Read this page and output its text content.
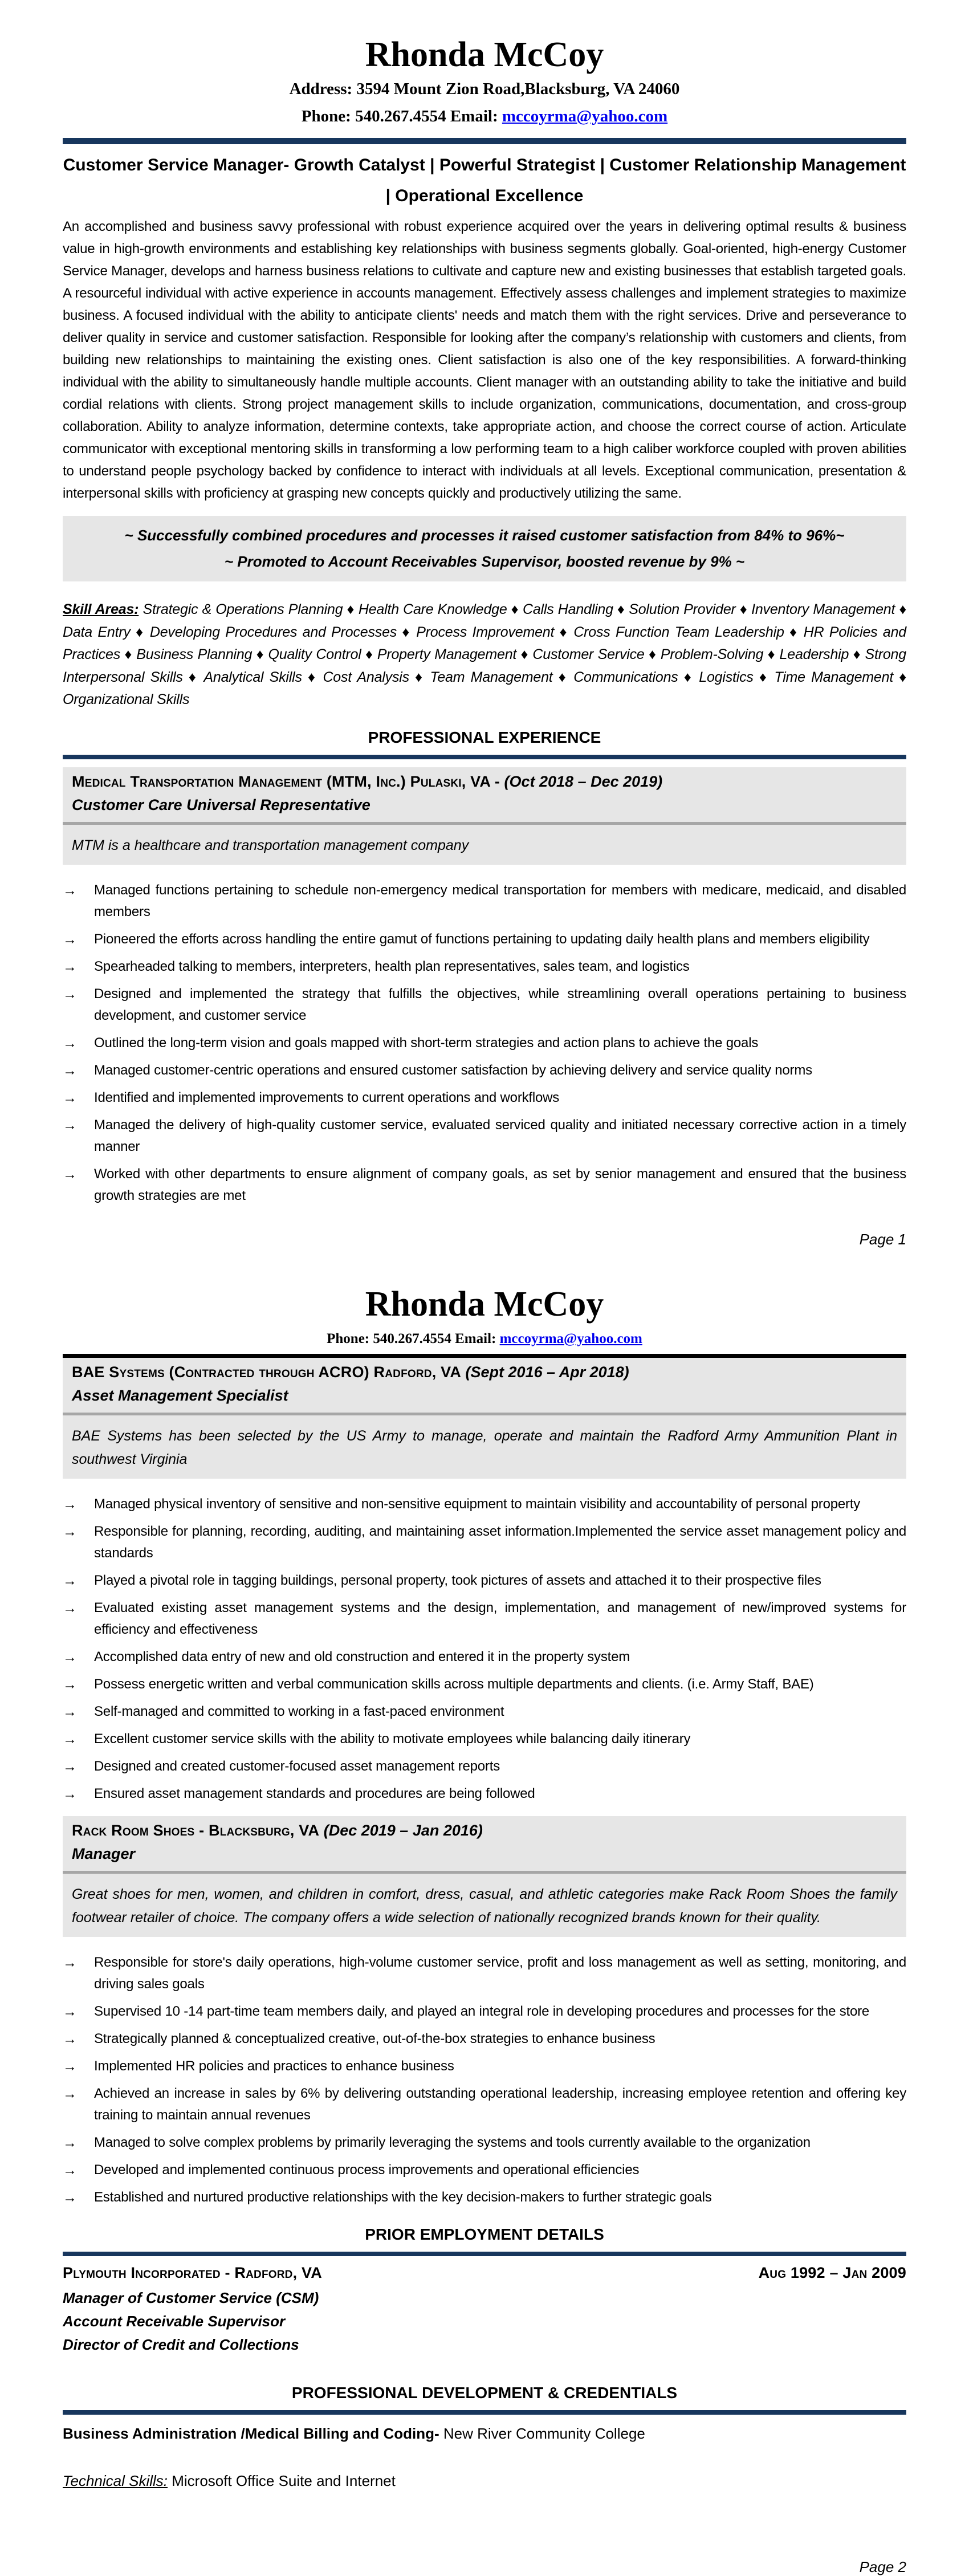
Rhonda McCoy
Address: 3594 Mount Zion Road,Blacksburg, VA 24060
Phone: 540.267.4554 Email: mccoyrma@yahoo.com
Customer Service Manager- Growth Catalyst | Powerful Strategist | Customer Relationship Management | Operational Excellence
An accomplished and business savvy professional with robust experience acquired over the years in delivering optimal results & business value in high-growth environments and establishing key relationships with business segments globally. Goal-oriented, high-energy Customer Service Manager, develops and harness business relations to cultivate and capture new and existing businesses that establish targeted goals. A resourceful individual with active experience in accounts management. Effectively assess challenges and implement strategies to maximize business. A focused individual with the ability to anticipate clients' needs and match them with the right services. Drive and perseverance to deliver quality in service and customer satisfaction. Responsible for looking after the company’s relationship with customers and clients, from building new relationships to maintaining the existing ones. Client satisfaction is also one of the key responsibilities. A forward-thinking individual with the ability to simultaneously handle multiple accounts. Client manager with an outstanding ability to take the initiative and build cordial relations with clients. Strong project management skills to include organization, communications, documentation, and cross-group collaboration. Ability to analyze information, determine contexts, take appropriate action, and choose the correct course of action. Articulate communicator with exceptional mentoring skills in transforming a low performing team to a high caliber workforce coupled with proven abilities to understand people psychology backed by confidence to interact with individuals at all levels. Exceptional communication, presentation & interpersonal skills with proficiency at grasping new concepts quickly and productively utilizing the same.
~ Successfully combined procedures and processes it raised customer satisfaction from 84% to 96%~
~ Promoted to Account Receivables Supervisor, boosted revenue by 9% ~
Skill Areas: Strategic & Operations Planning ♦ Health Care Knowledge ♦ Calls Handling ♦ Solution Provider ♦ Inventory Management♦ Data Entry ♦ Developing Procedures and Processes ♦ Process Improvement ♦ Cross Function Team Leadership ♦ HR Policies and Practices ♦ Business Planning ♦ Quality Control ♦ Property Management ♦ Customer Service ♦ Problem-Solving ♦ Leadership ♦ Strong Interpersonal Skills ♦ Analytical Skills ♦ Cost Analysis ♦ Team Management ♦ Communications ♦ Logistics ♦ Time Management♦ Organizational Skills
PROFESSIONAL EXPERIENCE
Medical Transportation Management (MTM, Inc.) Pulaski, VA - (Oct 2018 – Dec 2019)
Customer Care Universal Representative
MTM is a healthcare and transportation management company
→	Managed functions pertaining to schedule non-emergency medical transportation for members with medicare, medicaid, and disabled members
→	Pioneered the efforts across handling the entire gamut of functions pertaining to updating daily health plans and members eligibility
→	Spearheaded talking to members, interpreters, health plan representatives, sales team, and logistics
→	Designed and implemented the strategy that fulfills the objectives, while streamlining overall operations pertaining to business development, and customer service
→	Outlined the long-term vision and goals mapped with short-term strategies and action plans to achieve the goals
→	Managed customer-centric operations and ensured customer satisfaction by achieving delivery and service quality norms
→	Identified and implemented improvements to current operations and workflows
→	Managed the delivery of high-quality customer service, evaluated serviced quality and initiated necessary corrective action in a timely manner
→	Worked with other departments to ensure alignment of company goals, as set by senior management and ensured that the business growth strategies are met
Page 1
Rhonda McCoy
Phone: 540.267.4554 Email: mccoyrma@yahoo.com
BAE Systems (Contracted through ACRO) Radford, VA (Sept 2016 – Apr 2018)
Asset Management Specialist
BAE Systems has been selected by the US Army to manage, operate and maintain the Radford Army Ammunition Plant in southwest Virginia
→	Managed physical inventory of sensitive and non-sensitive equipment to maintain visibility and accountability of personal property
→	Responsible for planning, recording, auditing, and maintaining asset information.Implemented the service asset management policy and standards
→	Played a pivotal role in tagging buildings, personal property, took pictures of assets and attached it to their prospective files
→	Evaluated existing asset management systems and the design, implementation, and management of new/improved systems for efficiency and effectiveness
→	Accomplished data entry of new and old construction and entered it in the property system
→	Possess energetic written and verbal communication skills across multiple departments and clients. (i.e. Army Staff, BAE)
→	Self-managed and committed to working in a fast-paced environment
→	Excellent customer service skills with the ability to motivate employees while balancing daily itinerary
→	Designed and created customer-focused asset management reports
→	Ensured asset management standards and procedures are being followed
Rack Room Shoes - Blacksburg, VA (Dec 2019 – Jan 2016)
Manager
Great shoes for men, women, and children in comfort, dress, casual, and athletic categories make Rack Room Shoes the family footwear retailer of choice. The company offers a wide selection of nationally recognized brands known for their quality.
→	Responsible for store's daily operations, high-volume customer service, profit and loss management as well as setting, monitoring, and driving sales goals
→	Supervised 10 -14 part-time team members daily, and played an integral role in developing procedures and processes for the store
→	Strategically planned & conceptualized creative, out-of-the-box strategies to enhance business
→	Implemented HR policies and practices to enhance business
→	Achieved an increase in sales by 6% by delivering outstanding operational leadership, increasing employee retention and offering key training to maintain annual revenues
→	Managed to solve complex problems by primarily leveraging the systems and tools currently available to the organization
→	Developed and implemented continuous process improvements and operational efficiencies
→	Established and nurtured productive relationships with the key decision-makers to further strategic goals
PRIOR EMPLOYMENT DETAILS
Plymouth Incorporated - Radford, VA	Aug 1992 – Jan 2009
Manager of Customer Service (CSM)
Account Receivable Supervisor
Director of Credit and Collections
PROFESSIONAL DEVELOPMENT & CREDENTIALS
Business Administration /Medical Billing and Coding- New River Community College
Technical Skills: Microsoft Office Suite and Internet
Page 2
